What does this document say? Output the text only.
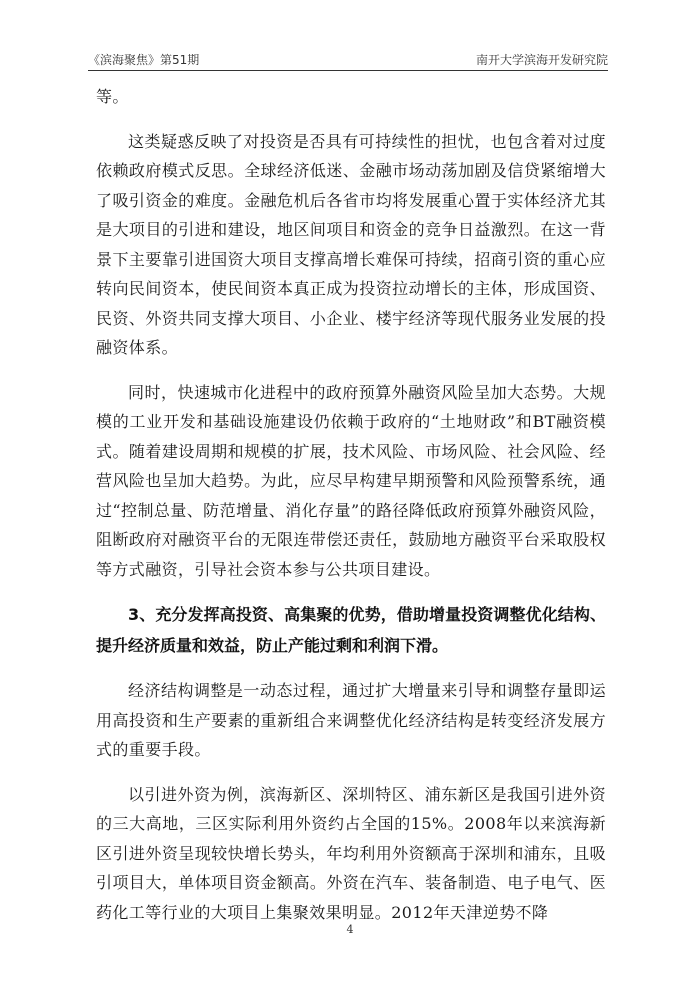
《滨海聚焦》第51期	南开大学滨海开发研究院

等。

这类疑惑反映了对投资是否具有可持续性的担忧，也包含着对过度依赖政府模式反思。全球经济低迷、金融市场动荡加剧及信贷紧缩增大了吸引资金的难度。金融危机后各省市均将发展重心置于实体经济尤其是大项目的引进和建设，地区间项目和资金的竞争日益激烈。在这一背景下主要靠引进国资大项目支撑高增长难保可持续，招商引资的重心应转向民间资本，使民间资本真正成为投资拉动增长的主体，形成国资、民资、外资共同支撑大项目、小企业、楼宇经济等现代服务业发展的投融资体系。

同时，快速城市化进程中的政府预算外融资风险呈加大态势。大规模的工业开发和基础设施建设仍依赖于政府的“土地财政”和BT融资模式。随着建设周期和规模的扩展，技术风险、市场风险、社会风险、经营风险也呈加大趋势。为此，应尽早构建早期预警和风险预警系统，通过“控制总量、防范增量、消化存量”的路径降低政府预算外融资风险，阻断政府对融资平台的无限连带偿还责任，鼓励地方融资平台采取股权等方式融资，引导社会资本参与公共项目建设。

3、充分发挥高投资、高集聚的优势，借助增量投资调整优化结构、提升经济质量和效益，防止产能过剩和利润下滑。

经济结构调整是一动态过程，通过扩大增量来引导和调整存量即运用高投资和生产要素的重新组合来调整优化经济结构是转变经济发展方式的重要手段。

以引进外资为例，滨海新区、深圳特区、浦东新区是我国引进外资的三大高地，三区实际利用外资约占全国的15%。2008年以来滨海新区引进外资呈现较快增长势头，年均利用外资额高于深圳和浦东，且吸引项目大，单体项目资金额高。外资在汽车、装备制造、电子电气、医药化工等行业的大项目上集聚效果明显。2012年天津逆势不降

4
